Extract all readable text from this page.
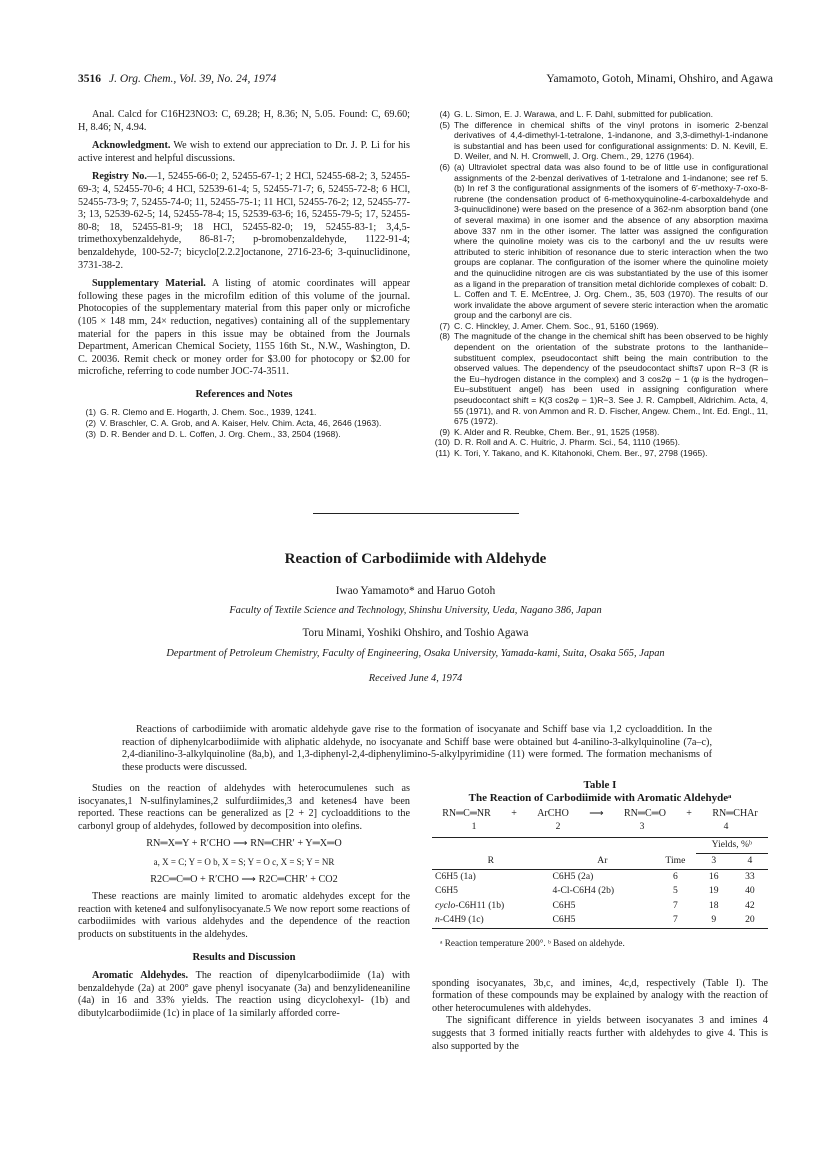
3516 J. Org. Chem., Vol. 39, No. 24, 1974	Yamamoto, Gotoh, Minami, Ohshiro, and Agawa

Anal. Calcd for C16H23NO3: C, 69.28; H, 8.36; N, 5.05. Found: C, 69.60; H, 8.46; N, 4.94.

Acknowledgment. We wish to extend our appreciation to Dr. J. P. Li for his active interest and helpful discussions.

Registry No.—1, 52455-66-0; 2, 52455-67-1; 2 HCl, 52455-68-2; 3, 52455-69-3; 4, 52455-70-6; 4 HCl, 52539-61-4; 5, 52455-71-7; 6, 52455-72-8; 6 HCl, 52455-73-9; 7, 52455-74-0; 11, 52455-75-1; 11 HCl, 52455-76-2; 12, 52455-77-3; 13, 52539-62-5; 14, 52455-78-4; 15, 52539-63-6; 16, 52455-79-5; 17, 52455-80-8; 18, 52455-81-9; 18 HCl, 52455-82-0; 19, 52455-83-1; 3,4,5-trimethoxybenzaldehyde, 86-81-7; p-bromobenzaldehyde, 1122-91-4; benzaldehyde, 100-52-7; bicyclo[2.2.2]octanone, 2716-23-6; 3-quinuclidinone, 3731-38-2.

Supplementary Material. A listing of atomic coordinates will appear following these pages in the microfilm edition of this volume of the journal. Photocopies of the supplementary material from this paper only or microfiche (105 × 148 mm, 24× reduction, negatives) containing all of the supplementary material for the papers in this issue may be obtained from the Journals Department, American Chemical Society, 1155 16th St., N.W., Washington, D. C. 20036. Remit check or money order for $3.00 for photocopy or $2.00 for microfiche, referring to code number JOC-74-3511.

References and Notes
(1) G. R. Clemo and E. Hogarth, J. Chem. Soc., 1939, 1241.
(2) V. Braschler, C. A. Grob, and A. Kaiser, Helv. Chim. Acta, 46, 2646 (1963).
(3) D. R. Bender and D. L. Coffen, J. Org. Chem., 33, 2504 (1968).
(4) G. L. Simon, E. J. Warawa, and L. F. Dahl, submitted for publication.
(5) The difference in chemical shifts of the vinyl protons in isomeric 2-benzal derivatives of 4,4-dimethyl-1-tetralone, 1-indanone, and 3,3-dimethyl-1-indanone is substantial and has been used for configurational assignments: D. N. Kevill, E. D. Weiler, and N. H. Cromwell, J. Org. Chem., 29, 1276 (1964).
(6) (a) Ultraviolet spectral data was also found to be of little use in configurational assignments of the 2-benzal derivatives of 1-tetralone and 1-indanone; see ref 5. (b) In ref 3 the configurational assignments of the isomers of 6′-methoxy-7-oxo-8-rubrene (the condensation product of 6-methoxyquinoline-4-carboxaldehyde and 3-quinuclidinone) were based on the presence of a 362-nm absorption band (one of several maxima) in one isomer and the absence of any absorption maxima above 337 nm in the other isomer. The latter was assigned the configuration where the quinoline moiety was cis to the carbonyl and the uv results were attributed to steric inhibition of resonance due to steric interaction when the two groups are coplanar. The configuration of the isomer where the quinoline moiety and the quinuclidine nitrogen are cis was substantiated by the use of this isomer as a ligand in the preparation of transition metal dichloride complexes of cobalt: D. L. Coffen and T. E. McEntree, J. Org. Chem., 35, 503 (1970). The results of our work invalidate the above argument of severe steric interaction when the aromatic group and the carbonyl are cis.
(7) C. C. Hinckley, J. Amer. Chem. Soc., 91, 5160 (1969).
(8) The magnitude of the change in the chemical shift has been observed to be highly dependent on the orientation of the substrate protons to the lanthanide–substituent complex, pseudocontact shift being the main contribution to the observed values. The dependency of the pseudocontact shifts7 upon R−3 (R is the Eu–hydrogen distance in the complex) and 3 cos2φ − 1 (φ is the hydrogen–Eu–substituent angel) has been used in assigning configuration where pseudocontact shift = K(3 cos2φ − 1)R−3. See J. R. Campbell, Aldrichim. Acta, 4, 55 (1971), and R. von Ammon and R. D. Fischer, Angew. Chem., Int. Ed. Engl., 11, 675 (1972).
(9) K. Alder and R. Reubke, Chem. Ber., 91, 1525 (1958).
(10) D. R. Roll and A. C. Huitric, J. Pharm. Sci., 54, 1110 (1965).
(11) K. Tori, Y. Takano, and K. Kitahonoki, Chem. Ber., 97, 2798 (1965).
Reaction of Carbodiimide with Aldehyde
Iwao Yamamoto* and Haruo Gotoh
Faculty of Textile Science and Technology, Shinshu University, Ueda, Nagano 386, Japan
Toru Minami, Yoshiki Ohshiro, and Toshio Agawa
Department of Petroleum Chemistry, Faculty of Engineering, Osaka University, Yamada-kami, Suita, Osaka 565, Japan
Received June 4, 1974
Reactions of carbodiimide with aromatic aldehyde gave rise to the formation of isocyanate and Schiff base via 1,2 cycloaddition. In the reaction of diphenylcarbodiimide with aliphatic aldehyde, no isocyanate and Schiff base were obtained but 4-anilino-3-alkylquinoline (7a–c), 2,4-dianilino-3-alkylquinoline (8a,b), and 1,3-diphenyl-2,4-diphenylimino-5-alkylpyrimidine (11) were formed. The formation mechanisms of these products were discussed.

Studies on the reaction of aldehydes with heterocumulenes such as isocyanates,1 N-sulfinylamines,2 sulfurdiimides,3 and ketenes4 have been reported. These reactions can be generalized as [2 + 2] cycloadditions to the carbonyl group of aldehydes, followed by decomposition into olefins.

RN═X═Y + R′CHO ⟶ RN═CHR′ + Y═X═O
a, X = C; Y = O b, X = S; Y = O c, X = S; Y = NR
R2C═C═O + R′CHO ⟶ R2C═CHR′ + CO2

These reactions are mainly limited to aromatic aldehydes except for the reaction with ketene4 and sulfonylisocyanate.5 We now report some reactions of carbodiimides with various aldehydes and the dependence of the reaction products on substituents in the aldehydes.

Results and Discussion

Aromatic Aldehydes. The reaction of dipenylcarbodiimide (1a) with benzaldehyde (2a) at 200° gave phenyl isocyanate (3a) and benzylideneaniline (4a) in 16 and 33% yields. The reaction using dicyclohexyl- (1b) and dibutylcarbodiimide (1c) in place of 1a similarly afforded corre-

Table I
The Reaction of Carbodiimide with Aromatic Aldehydeᵃ
RN═C═NR + ArCHO ⟶ RN═C═O + RN═CHAr
1	2	3	4
			Yields, %ᵇ	
R	Ar	Time	3	4
C6H5 (1a)	C6H5 (2a)	6	16	33
C6H5	4-Cl-C6H4 (2b)	5	19	40
cyclo-C6H11 (1b)	C6H5	7	18	42
n-C4H9 (1c)	C6H5	7	9	20
ᵃ Reaction temperature 200°. ᵇ Based on aldehyde.

sponding isocyanates, 3b,c, and imines, 4c,d, respectively (Table I). The formation of these compounds may be explained by analogy with the reaction of other heterocumulenes with aldehydes.

The significant difference in yields between isocyanates 3 and imines 4 suggests that 3 formed initially reacts further with aldehydes to give 4. This is also supported by the
